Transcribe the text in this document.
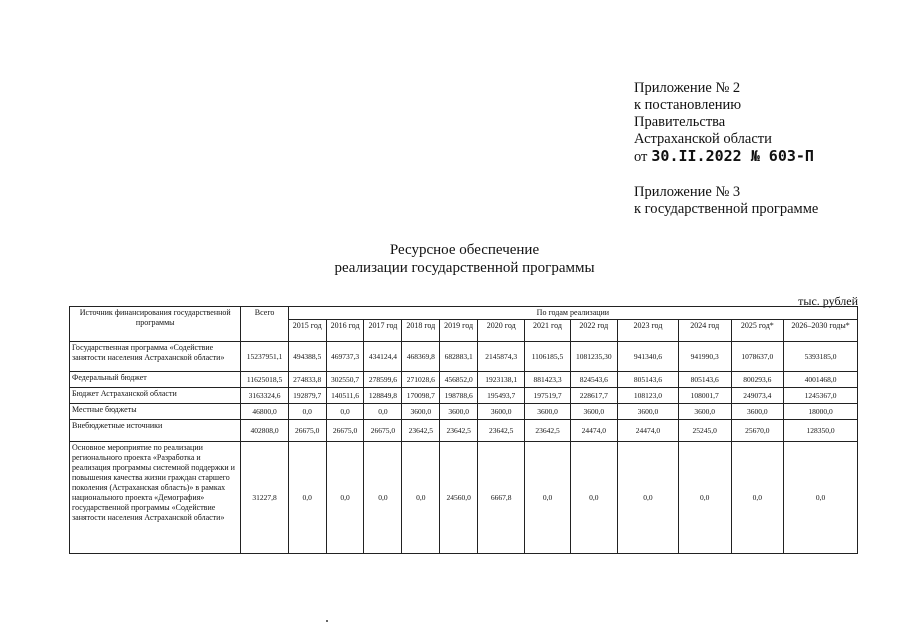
Приложение № 2
к постановлению
Правительства
Астраханской области
от 30.II.2022 № 603-П
Приложение № 3
к государственной программе
Ресурсное обеспечение
реализации государственной программы
тыс. рублей
Источник финансирования государственной программы	Всего	По годам реализации											
		2015 год	2016 год	2017 год	2018 год	2019 год	2020 год	2021 год	2022 год	2023 год	2024 год	2025 год*	2026–2030 годы*
Государственная программа «Содействие занятости населения Астраханской области»	15237951,1	494388,5	469737,3	434124,4	468369,8	682883,1	2145874,3	1106185,5	1081235,30	941340,6	941990,3	1078637,0	5393185,0
Федеральный бюджет	11625018,5	274833,8	302550,7	278599,6	271028,6	456852,0	1923138,1	881423,3	824543,6	805143,6	805143,6	800293,6	4001468,0
Бюджет Астраханской области	3163324,6	192879,7	140511,6	128849,8	170098,7	198788,6	195493,7	197519,7	228617,7	108123,0	108001,7	249073,4	1245367,0
Местные бюджеты	46800,0	0,0	0,0	0,0	3600,0	3600,0	3600,0	3600,0	3600,0	3600,0	3600,0	3600,0	18000,0
Внебюджетные источники	402808,0	26675,0	26675,0	26675,0	23642,5	23642,5	23642,5	23642,5	24474,0	24474,0	25245,0	25670,0	128350,0
Основное мероприятие по реализации регионального проекта «Разработка и реализация программы системной поддержки и повышения качества жизни граждан старшего поколения (Астраханская область)» в рамках национального проекта «Демография» государственной программы «Содействие занятости населения Астраханской области»	31227,8	0,0	0,0	0,0	0,0	24560,0	6667,8	0,0	0,0	0,0	0,0	0,0	0,0
